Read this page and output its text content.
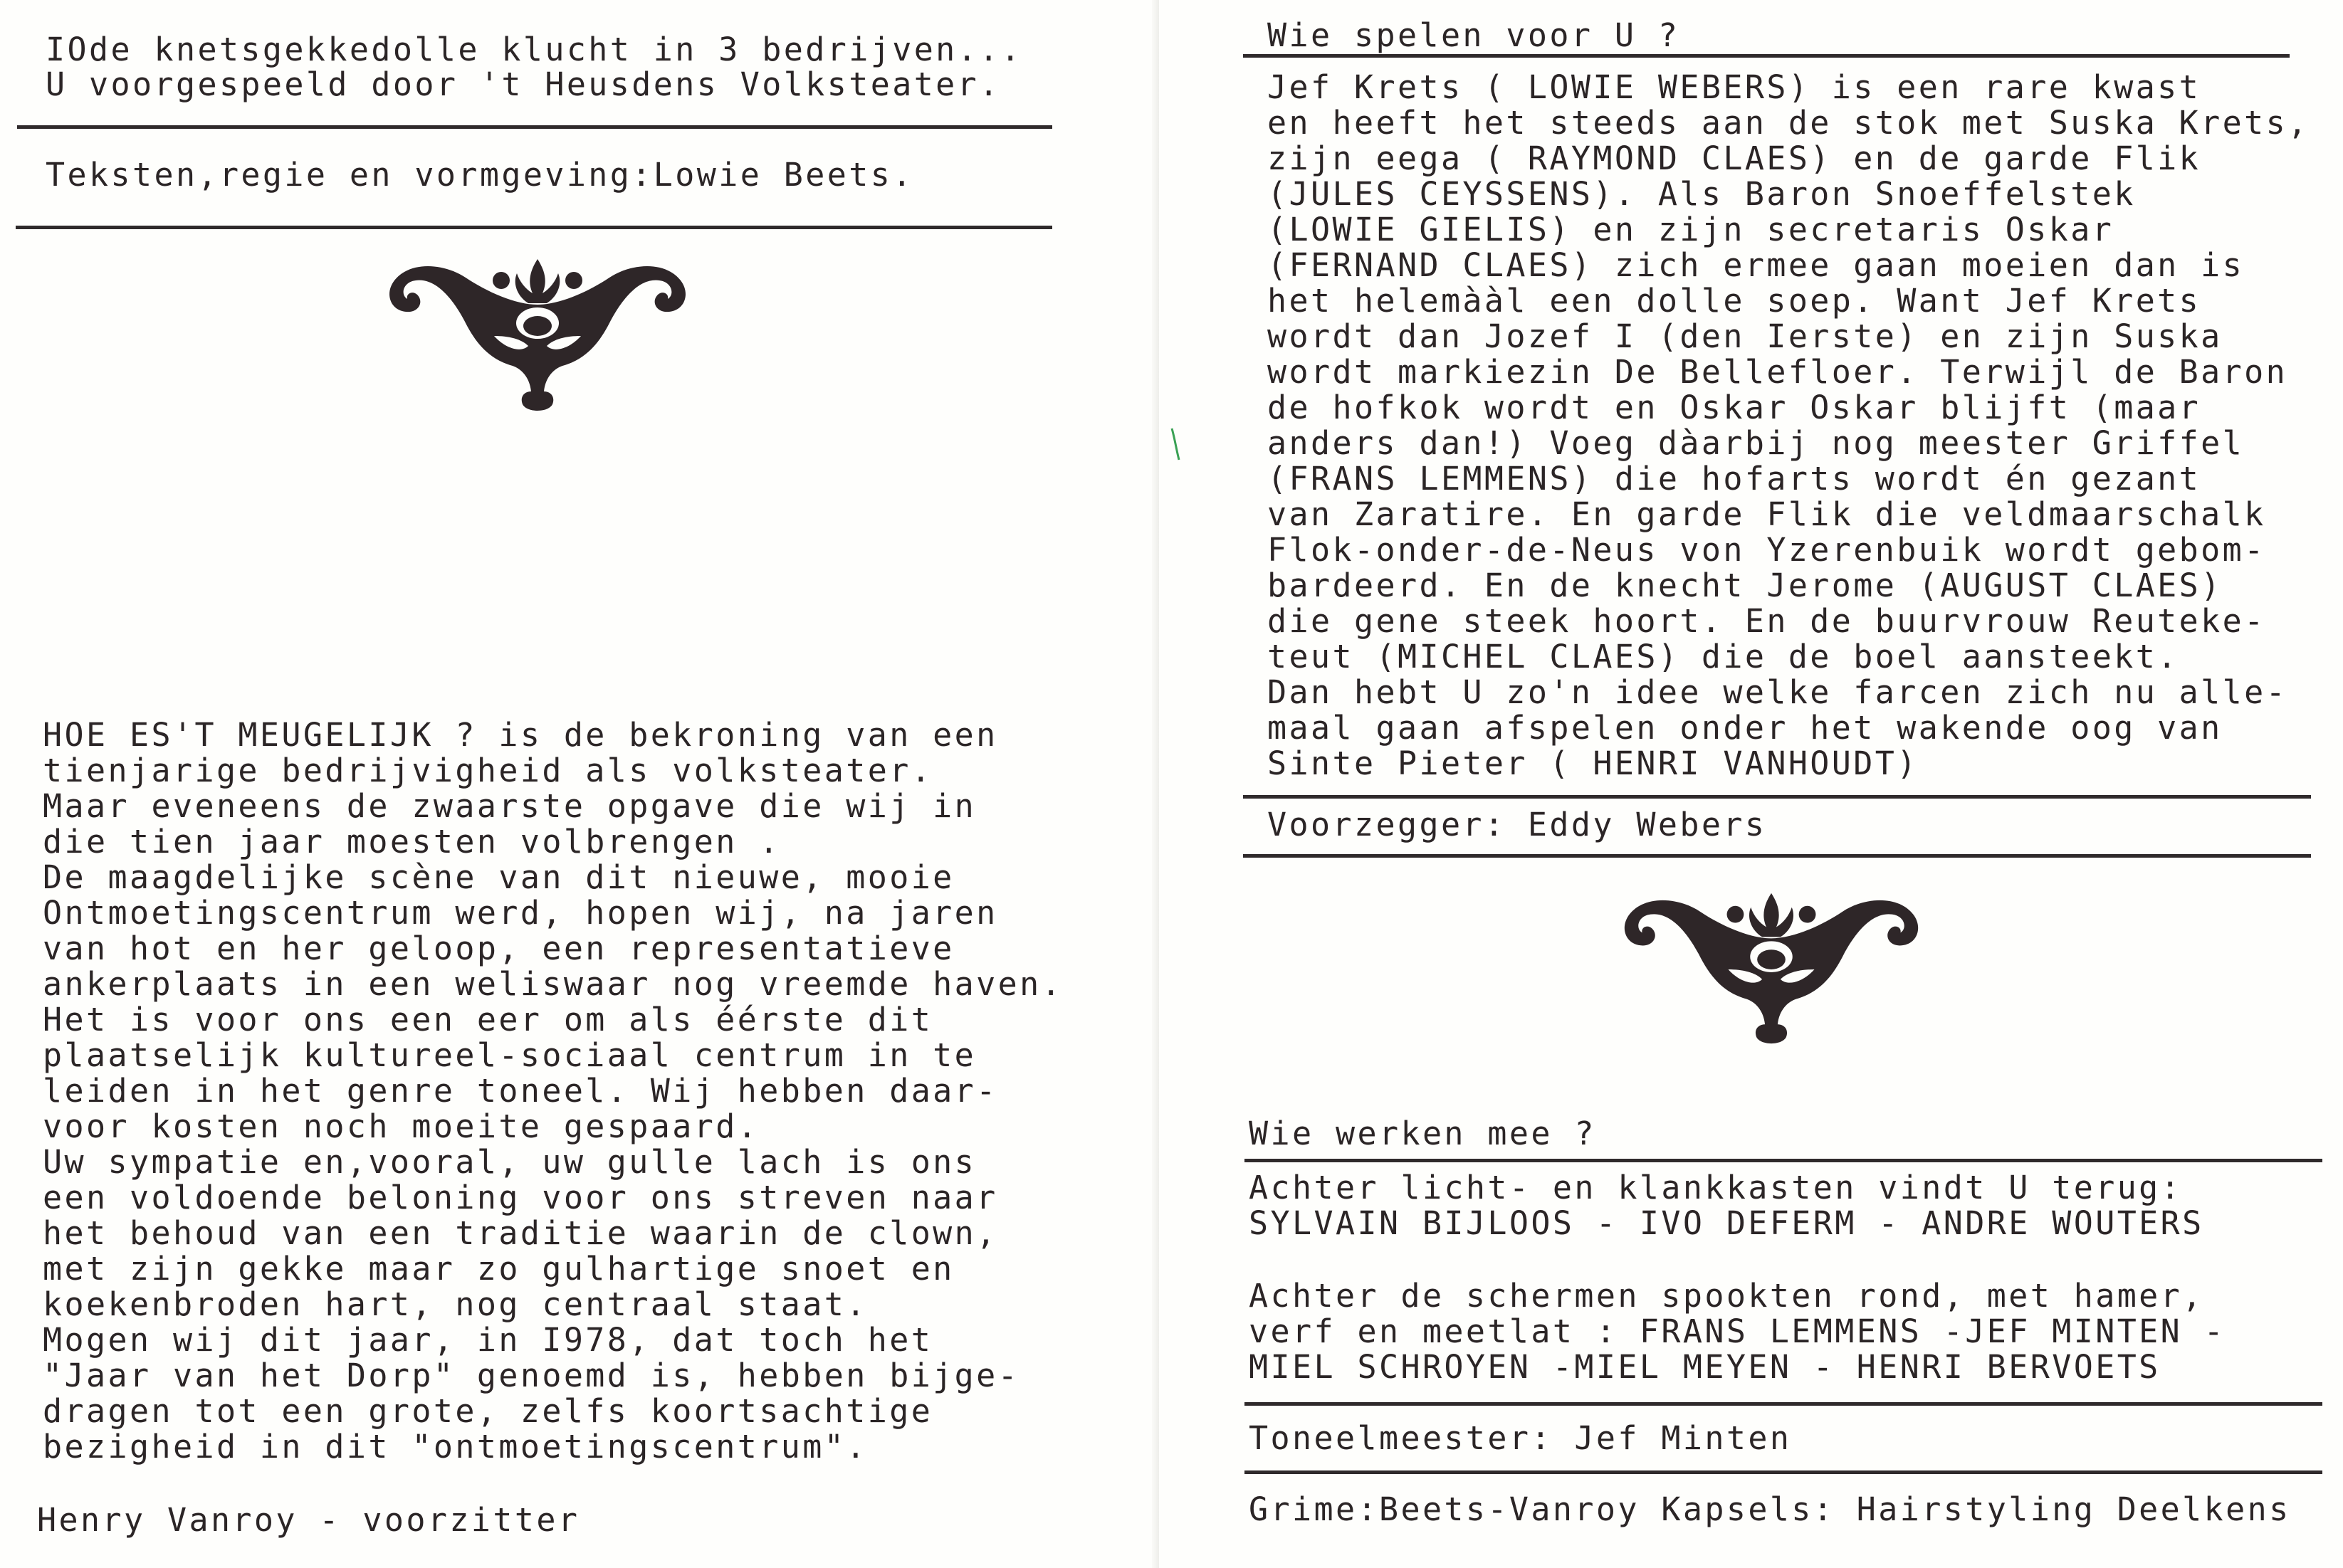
IOde knetsgekkedolle klucht in 3 bedrijven...

U voorgespeeld door 't Heusdens Volksteater.

Teksten,regie en vormgeving:Lowie Beets.

HOE ES'T MEUGELIJK ? is de bekroning van een

tienjarige bedrijvigheid als volksteater.

Maar eveneens de zwaarste opgave die wij in

die tien jaar moesten volbrengen .

De maagdelijke scène van dit nieuwe, mooie

Ontmoetingscentrum werd, hopen wij, na jaren

van hot en her geloop, een representatieve

ankerplaats in een weliswaar nog vreemde haven.

Het is voor ons een eer om als éérste dit

plaatselijk kultureel-sociaal centrum in te

leiden in het genre toneel. Wij hebben daar-

voor kosten noch moeite gespaard.

Uw sympatie en,vooral, uw gulle lach is ons

een voldoende beloning voor ons streven naar

het behoud van een traditie waarin de clown,

met zijn gekke maar zo gulhartige snoet en

koekenbroden hart, nog centraal staat.

Mogen wij dit jaar, in I978, dat toch het

"Jaar van het Dorp" genoemd is, hebben bijge-

dragen tot een grote, zelfs koortsachtige

bezigheid in dit "ontmoetingscentrum".

Henry Vanroy - voorzitter

Wie spelen voor U ?

Jef Krets ( LOWIE WEBERS) is een rare kwast

en heeft het steeds aan de stok met Suska Krets,

zijn eega ( RAYMOND CLAES) en de garde Flik

(JULES CEYSSENS). Als Baron Snoeffelstek

(LOWIE GIELIS) en zijn secretaris Oskar

(FERNAND CLAES) zich ermee gaan moeien dan is

het helemààl een dolle soep. Want Jef Krets

wordt dan Jozef I (den Ierste) en zijn Suska

wordt markiezin De Bellefloer. Terwijl de Baron

de hofkok wordt en Oskar Oskar blijft (maar

anders dan!) Voeg dàarbij nog meester Griffel

(FRANS LEMMENS) die hofarts wordt én gezant

van Zaratire. En garde Flik die veldmaarschalk

Flok-onder-de-Neus von Yzerenbuik wordt gebom-

bardeerd. En de knecht Jerome (AUGUST CLAES)

die gene steek hoort. En de buurvrouw Reuteke-

teut (MICHEL CLAES) die de boel aansteekt.

Dan hebt U zo'n idee welke farcen zich nu alle-

maal gaan afspelen onder het wakende oog van

Sinte Pieter ( HENRI VANHOUDT)

Voorzegger: Eddy Webers

Wie werken mee ?

Achter licht- en klankkasten vindt U terug:

SYLVAIN BIJLOOS - IVO DEFERM - ANDRE WOUTERS

Achter de schermen spookten rond, met hamer,

verf en meetlat : FRANS LEMMENS -JEF MINTEN -

MIEL SCHROYEN -MIEL MEYEN - HENRI BERVOETS

Toneelmeester: Jef Minten

Grime:Beets-Vanroy Kapsels: Hairstyling Deelkens
